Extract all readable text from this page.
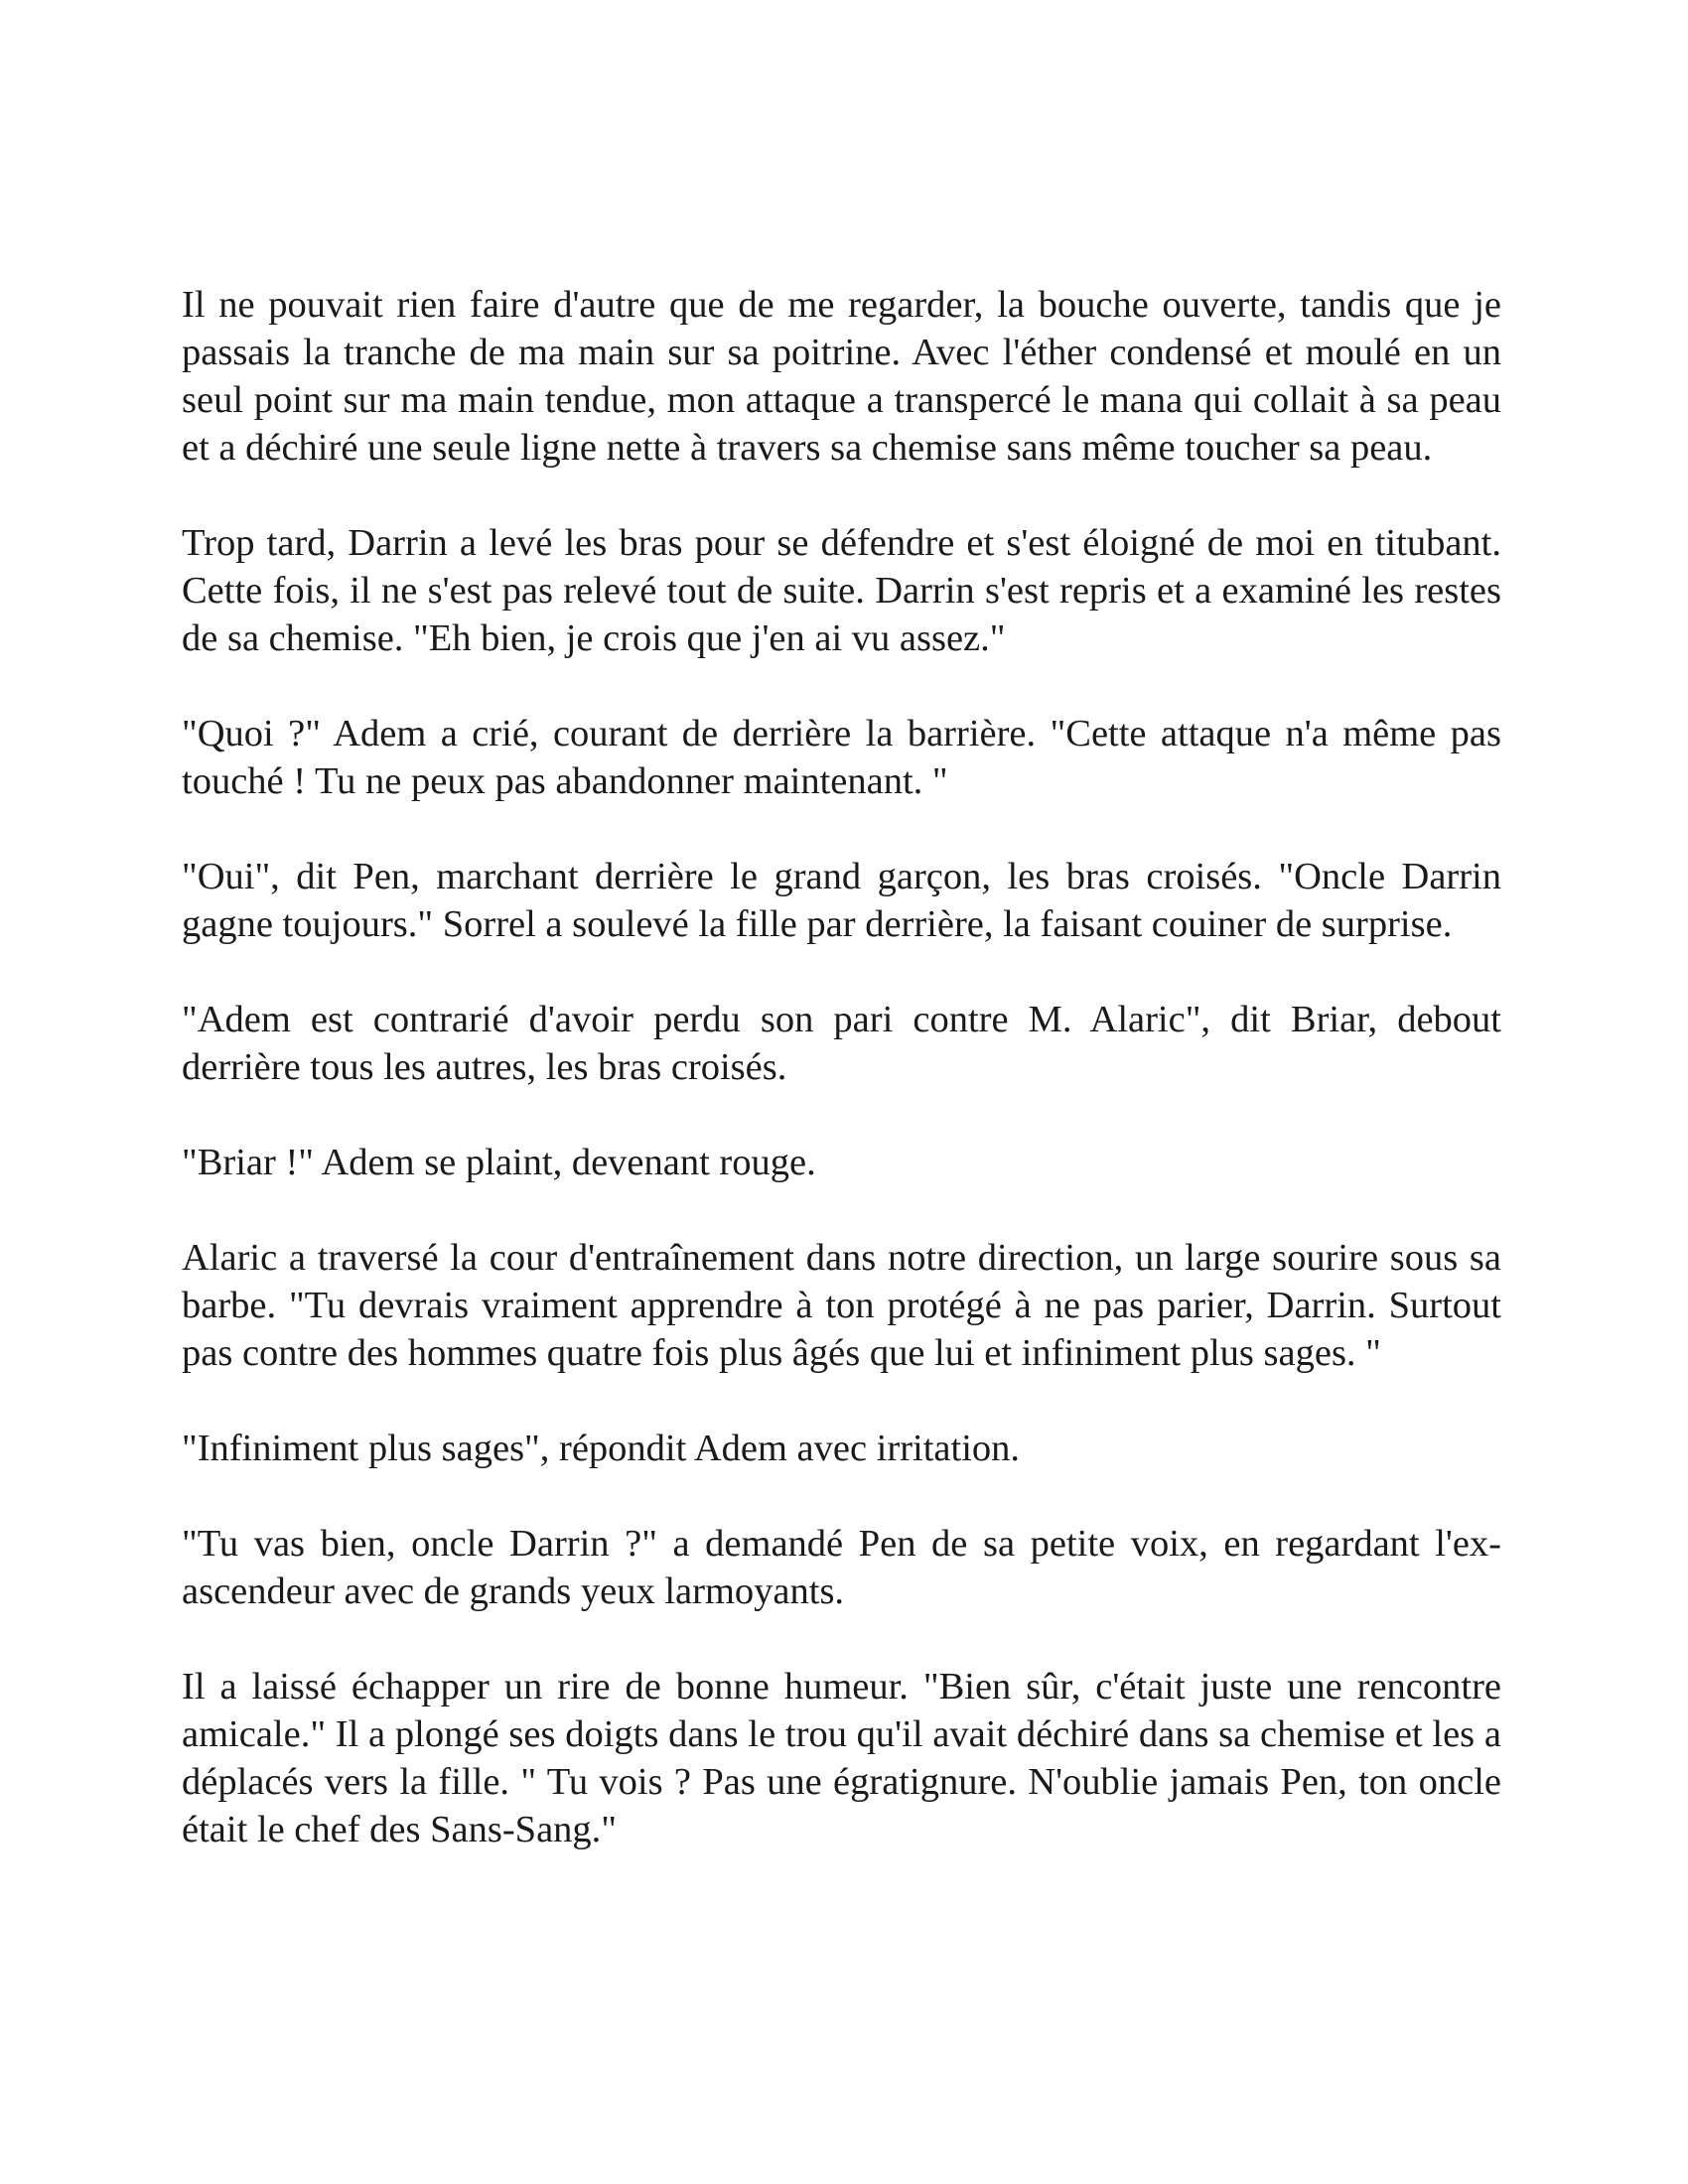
Il ne pouvait rien faire d'autre que de me regarder, la bouche ouverte, tandis que je passais la tranche de ma main sur sa poitrine. Avec l'éther condensé et moulé en un seul point sur ma main tendue, mon attaque a transpercé le mana qui collait à sa peau et a déchiré une seule ligne nette à travers sa chemise sans même toucher sa peau.

Trop tard, Darrin a levé les bras pour se défendre et s'est éloigné de moi en titubant. Cette fois, il ne s'est pas relevé tout de suite. Darrin s'est repris et a examiné les restes de sa chemise. "Eh bien, je crois que j'en ai vu assez."

"Quoi ?" Adem a crié, courant de derrière la barrière. "Cette attaque n'a même pas touché ! Tu ne peux pas abandonner maintenant. "

"Oui", dit Pen, marchant derrière le grand garçon, les bras croisés. "Oncle Darrin gagne toujours." Sorrel a soulevé la fille par derrière, la faisant couiner de surprise.

"Adem est contrarié d'avoir perdu son pari contre M. Alaric", dit Briar, debout derrière tous les autres, les bras croisés.

"Briar !" Adem se plaint, devenant rouge.

Alaric a traversé la cour d'entraînement dans notre direction, un large sourire sous sa barbe. "Tu devrais vraiment apprendre à ton protégé à ne pas parier, Darrin. Surtout pas contre des hommes quatre fois plus âgés que lui et infiniment plus sages. "

"Infiniment plus sages", répondit Adem avec irritation.

"Tu vas bien, oncle Darrin ?" a demandé Pen de sa petite voix, en regardant l'ex-ascendeur avec de grands yeux larmoyants.

Il a laissé échapper un rire de bonne humeur. "Bien sûr, c'était juste une rencontre amicale." Il a plongé ses doigts dans le trou qu'il avait déchiré dans sa chemise et les a déplacés vers la fille. " Tu vois ? Pas une égratignure. N'oublie jamais Pen, ton oncle était le chef des Sans-Sang."
